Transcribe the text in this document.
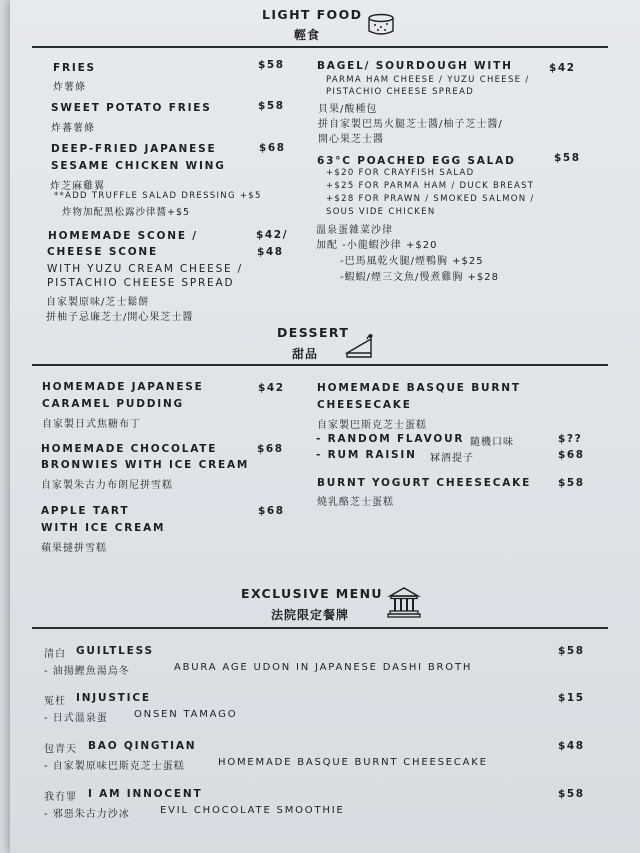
LIGHT FOOD
輕食
FRIES	$58
炸薯條
SWEET POTATO FRIES	$58
炸蕃薯條
DEEP-FRIED JAPANESE	$68
SESAME CHICKEN WING
炸芝麻雞翼
**ADD TRUFFLE SALAD DRESSING +$5
炸物加配黑松露沙律醬+$5
HOMEMADE SCONE /	$42/
CHEESE SCONE	$48
WITH YUZU CREAM CHEESE /
PISTACHIO CHEESE SPREAD
自家製原味/芝士鬆餅
拼柚子忌廉芝士/開心果芝士醬
BAGEL/ SOURDOUGH WITH	$42
PARMA HAM CHEESE / YUZU CHEESE /
PISTACHIO CHEESE SPREAD
貝果/酸種包
拼自家製巴馬火腿芝士醬/柚子芝士醬/
開心果芝士醬
63°C POACHED EGG SALAD	$58
+$20 FOR CRAYFISH SALAD
+$25 FOR PARMA HAM / DUCK BREAST
+$28 FOR PRAWN / SMOKED SALMON /
SOUS VIDE CHICKEN
溫泉蛋雜菜沙律
加配 -小龍蝦沙律 +$20
-巴馬風乾火腿/煙鴨胸 +$25
-蝦蝦/煙三文魚/慢煮雞胸 +$28
DESSERT
甜品
HOMEMADE JAPANESE	$42
CARAMEL PUDDING
自家製日式焦糖布丁
HOMEMADE CHOCOLATE	$68
BRONWIES WITH ICE CREAM
自家製朱古力布朗尼拼雪糕
APPLE TART	$68
WITH ICE CREAM
蘋果撻拼雪糕
HOMEMADE BASQUE BURNT
CHEESECAKE
自家製巴斯克芝士蛋糕
- RANDOM FLAVOUR 隨機口味	$??
- RUM RAISIN 冧酒提子	$68
BURNT YOGURT CHEESECAKE	$58
燒乳酪芝士蛋糕
EXCLUSIVE MENU
法院限定餐牌
清白 GUILTLESS	$58
- 油揚鰹魚湯烏冬	ABURA AGE UDON IN JAPANESE DASHI BROTH
冤枉 INJUSTICE	$15
- 日式溫泉蛋	ONSEN TAMAGO
包青天 BAO QINGTIAN	$48
- 自家製原味巴斯克芝士蛋糕	HOMEMADE BASQUE BURNT CHEESECAKE
我冇罪 I AM INNOCENT	$58
- 邪惡朱古力沙冰	EVIL CHOCOLATE SMOOTHIE
